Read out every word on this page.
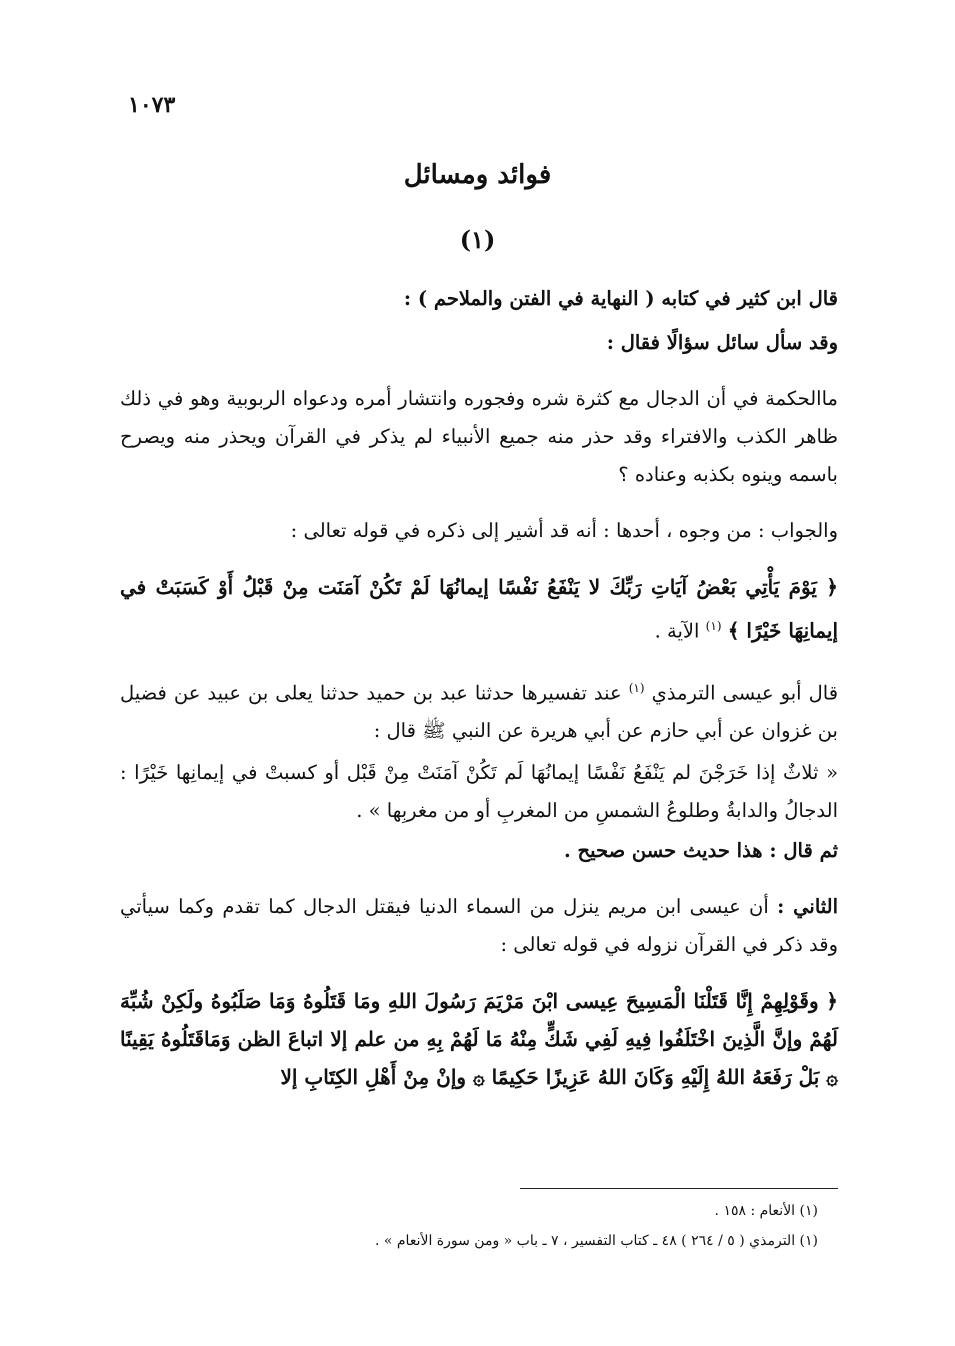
١٠٧٣
فوائد ومسائل
(١)

قال ابن كثير في كتابه ( النهاية في الفتن والملاحم ) :

وقد سأل سائل سؤالًا فقال :

ماالحكمة في أن الدجال مع كثرة شره وفجوره وانتشار أمره ودعواه الربوبية وهو في ذلك ظاهر الكذب والافتراء وقد حذر منه جميع الأنبياء لم يذكر في القرآن ويحذر منه ويصرح باسمه وينوه بكذبه وعناده ؟

والجواب : من وجوه ، أحدها : أنه قد أشير إلى ذكره في قوله تعالى :

﴿ يَوْمَ يَأْتِي بَعْضُ آيَاتِ رَبِّكَ لا يَنْفَعُ نَفْسًا إيمانُهَا لَمْ تَكُنْ آمَنَت مِنْ قَبْلُ أَوْ كَسَبَتْ في إيمانِهَا خَيْرًا ﴾ $^{(١)}$ الآية .

قال أبو عيسى الترمذي $^{(١)}$ عند تفسيرها حدثنا عبد بن حميد حدثنا يعلى بن عبيد عن فضيل بن غزوان عن أبي حازم عن أبي هريرة عن النبي ﷺ قال :

« ثلاثٌ إذا خَرَجْنَ لم يَنْفَعُ نَفْسًا إيمانُهَا لَم تَكُنْ آمَنَتْ مِنْ قَبْل أو كسبتْ في إيمانِها خَيْرًا : الدجالُ والدابةُ وطلوعُ الشمسِ من المغربِ أو من مغربِها » .

ثم قال : هذا حديث حسن صحيح .

الثاني : أن عيسى ابن مريم ينزل من السماء الدنيا فيقتل الدجال كما تقدم وكما سيأتي وقد ذكر في القرآن نزوله في قوله تعالى :

﴿ وقَوْلِهِمْ إِنَّا قَتَلْنَا الْمَسِيحَ عِيسى ابْنَ مَرْيَمَ رَسُولَ اللهِ ومَا قَتَلُوهُ وَمَا صَلَبُوهُ ولَكِنْ شُبِّهَ لَهُمْ وإنَّ الَّذِينَ اخْتَلَفُوا فِيهِ لَفِي شَكٍّ مِنْهُ مَا لَهُمْ بِهِ من علم إلا اتباعَ الظن وَمَاقَتَلُوهُ يَقِينًا ۞ بَلْ رَفَعَهُ اللهُ إِلَيْهِ وَكَانَ اللهُ عَزِيزًا حَكِيمًا ۞ وإنْ مِنْ أَهْلِ الكِتَابِ إلا

(١) الأنعام : ١٥٨ .
(١) الترمذي ( ٥ / ٢٦٤ ) ٤٨ ـ كتاب التفسير ، ٧ ـ باب « ومن سورة الأنعام » .
